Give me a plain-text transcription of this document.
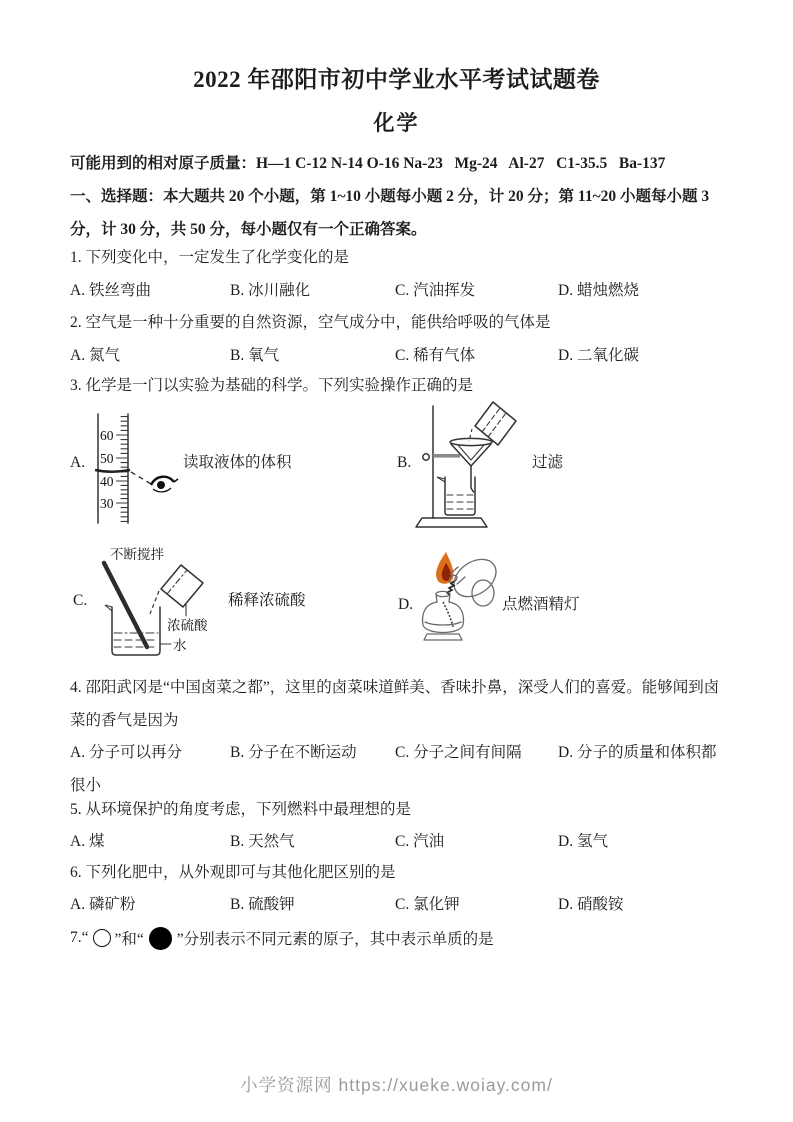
2022 年邵阳市初中学业水平考试试题卷

化学

可能用到的相对原子质量：H—1 C-12 N-14 O-16 Na-23   Mg-24   Al-27   C1-35.5   Ba-137

一、选择题：本大题共 20 个小题，第 1~10 小题每小题 2 分，计 20 分；第 11~20 小题每小题 3 分，计 30 分，共 50 分，每小题仅有一个正确答案。

1. 下列变化中，一定发生了化学变化的是

A. 铁丝弯曲	B. 冰川融化	C. 汽油挥发	D. 蜡烛燃烧

2. 空气是一种十分重要的自然资源，空气成分中，能供给呼吸的气体是

A. 氮气	B. 氧气	C. 稀有气体	D. 二氧化碳

3. 化学是一门以实验为基础的科学。下列实验操作正确的是

A.

60
50
40
30

读取液体的体积	B.	过滤

C.

不断搅拌
浓硫酸
水

稀释浓硫酸	D.	点燃酒精灯

4. 邵阳武冈是“中国卤菜之都”，这里的卤菜味道鲜美、香味扑鼻，深受人们的喜爱。能够闻到卤菜的香气是因为

A. 分子可以再分	B. 分子在不断运动 C. 分子之间有间隔 D. 分子的质量和体积都很小

5. 从环境保护的角度考虑，下列燃料中最理想的是

A. 煤	B. 天然气	C. 汽油	D. 氢气

6. 下列化肥中，从外观即可与其他化肥区别的是

A. 磷矿粉	B. 硫酸钾	C. 氯化钾	D. 硝酸铵
7.“ ”和“ ”分别表示不同元素的原子，其中表示单质的是

小学资源网 https://xueke.woiay.com/
